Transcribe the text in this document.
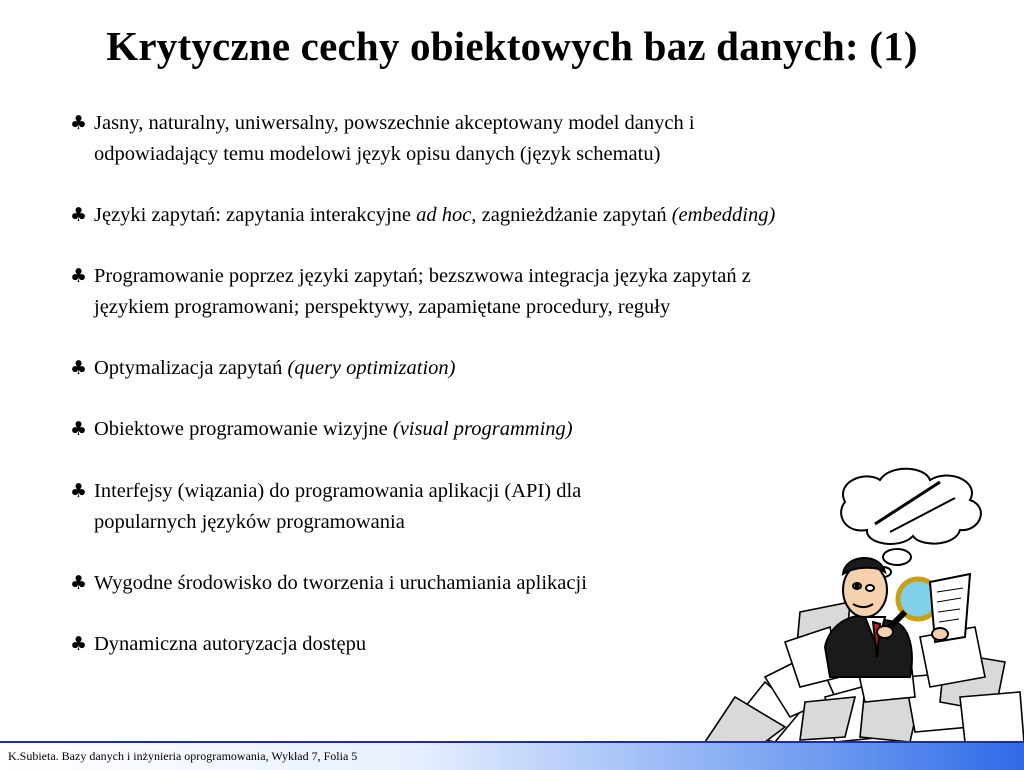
Krytyczne cechy obiektowych baz danych: (1)
♣ Jasny, naturalny, uniwersalny, powszechnie akceptowany model danych i
odpowiadający temu modelowi język opisu danych (język schematu)
♣ Języki zapytań: zapytania interakcyjne ad hoc, zagnieżdżanie zapytań (embedding)
♣ Programowanie poprzez języki zapytań; bezszwowa integracja języka zapytań z
językiem programowani; perspektywy, zapamiętane procedury, reguły
♣ Optymalizacja zapytań (query optimization)
♣ Obiektowe programowanie wizyjne (visual programming)
♣ Interfejsy (wiązania) do programowania aplikacji (API) dla
popularnych języków programowania
♣ Wygodne środowisko do tworzenia i uruchamiania aplikacji
♣ Dynamiczna autoryzacja dostępu
K.Subieta. Bazy danych i inżynieria oprogramowania, Wykład 7, Folia 5
